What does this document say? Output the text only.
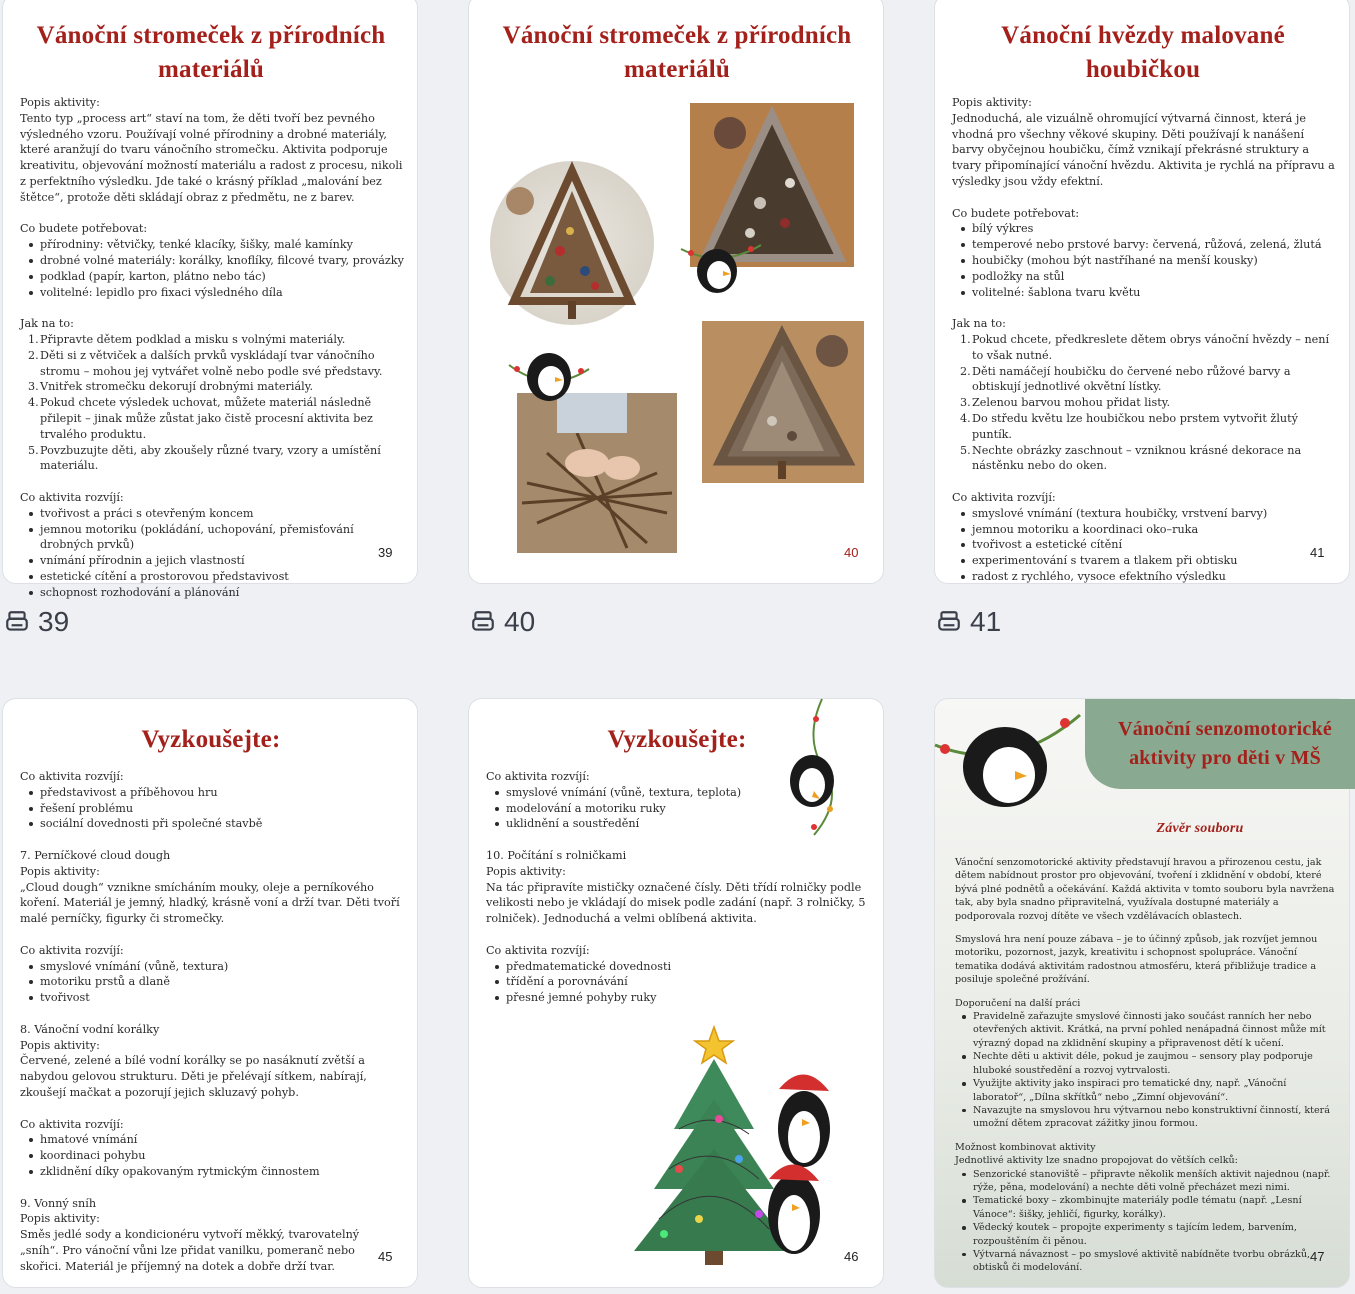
Vánoční stromeček z přírodních
materiálů

Popis aktivity:

Tento typ „process art“ staví na tom, že děti tvoří bez pevného výsledného vzoru. Používají volné přírodniny a drobné materiály, které aranžují do tvaru vánočního stromečku. Aktivita podporuje kreativitu, objevování možností materiálu a radost z procesu, nikoli z perfektního výsledku. Jde také o krásný příklad „malování bez štětce“, protože děti skládají obraz z předmětu, ne z barev.

Co budete potřebovat:

přírodniny: větvičky, tenké klacíky, šišky, malé kamínky
drobné volné materiály: korálky, knoflíky, filcové tvary, provázky
podklad (papír, karton, plátno nebo tác)
volitelné: lepidlo pro fixaci výsledného díla

Jak na to:

1. Připravte dětem podklad a misku s volnými materiály.
2. Děti si z větviček a dalších prvků vyskládají tvar vánočního stromu – mohou jej vytvářet volně nebo podle své představy.
3. Vnitřek stromečku dekorují drobnými materiály.
4. Pokud chcete výsledek uchovat, můžete materiál následně přilepit – jinak může zůstat jako čistě procesní aktivita bez trvalého produktu.
5. Povzbuzujte děti, aby zkoušely různé tvary, vzory a umístění materiálu.

Co aktivita rozvíjí:

tvořivost a práci s otevřeným koncem
jemnou motoriku (pokládání, uchopování, přemisťování drobných prvků)
vnímání přírodnin a jejich vlastností
estetické cítění a prostorovou představivost
schopnost rozhodování a plánování
39
Vánoční stromeček z přírodních
materiálů
40
Vánoční hvězdy malované
houbičkou

Popis aktivity:

Jednoduchá, ale vizuálně ohromující výtvarná činnost, která je vhodná pro všechny věkové skupiny. Děti používají k nanášení barvy obyčejnou houbičku, čímž vznikají překrásné struktury a tvary připomínající vánoční hvězdu. Aktivita je rychlá na přípravu a výsledky jsou vždy efektní.

Co budete potřebovat:

bílý výkres
temperové nebo prstové barvy: červená, růžová, zelená, žlutá
houbičky (mohou být nastříhané na menší kousky)
podložky na stůl
volitelné: šablona tvaru květu

Jak na to:

1. Pokud chcete, předkreslete dětem obrys vánoční hvězdy – není to však nutné.
2. Děti namáčejí houbičku do červené nebo růžové barvy a obtiskují jednotlivé okvětní lístky.
3. Zelenou barvou mohou přidat listy.
4. Do středu květu lze houbičkou nebo prstem vytvořit žlutý puntík.
5. Nechte obrázky zaschnout – vzniknou krásné dekorace na nástěnku nebo do oken.

Co aktivita rozvíjí:

smyslové vnímání (textura houbičky, vrstvení barvy)
jemnou motoriku a koordinaci oko–ruka
tvořivost a estetické cítění
experimentování s tvarem a tlakem při obtisku
radost z rychlého, vysoce efektního výsledku
41
39	40	41
Vyzkoušejte:

Co aktivita rozvíjí:

představivost a příběhovou hru
řešení problému
sociální dovednosti při společné stavbě

7. Perníčkové cloud dough

Popis aktivity:

„Cloud dough“ vznikne smícháním mouky, oleje a perníkového koření. Materiál je jemný, hladký, krásně voní a drží tvar. Děti tvoří malé perníčky, figurky či stromečky.

Co aktivita rozvíjí:

smyslové vnímání (vůně, textura)
motoriku prstů a dlaně
tvořivost

8. Vánoční vodní korálky

Popis aktivity:

Červené, zelené a bílé vodní korálky se po nasáknutí zvětší a nabydou gelovou strukturu. Děti je přelévají sítkem, nabírají, zkoušejí mačkat a pozorují jejich skluzavý pohyb.

Co aktivita rozvíjí:

hmatové vnímání
koordinaci pohybu
zklidnění díky opakovaným rytmickým činnostem

9. Vonný sníh

Popis aktivity:

Směs jedlé sody a kondicionéru vytvoří měkký, tvarovatelný „sníh“. Pro vánoční vůni lze přidat vanilku, pomeranč nebo skořici. Materiál je příjemný na dotek a dobře drží tvar.

45
Vyzkoušejte:

Co aktivita rozvíjí:

smyslové vnímání (vůně, textura, teplota)
modelování a motoriku ruky
uklidnění a soustředění

10. Počítání s rolničkami

Popis aktivity:

Na tác připravíte mističky označené čísly. Děti třídí rolničky podle velikosti nebo je vkládají do misek podle zadání (např. 3 rolničky, 5 rolniček). Jednoduchá a velmi oblíbená aktivita.

Co aktivita rozvíjí:

předmatematické dovednosti
třídění a porovnávání
přesné jemné pohyby ruky
46
Vánoční senzomotorické
aktivity pro děti v MŠ
Závěr souboru

Vánoční senzomotorické aktivity představují hravou a přirozenou cestu, jak dětem nabídnout prostor pro objevování, tvoření i zklidnění v období, které bývá plné podnětů a očekávání. Každá aktivita v tomto souboru byla navržena tak, aby byla snadno připravitelná, využívala dostupné materiály a podporovala rozvoj dítěte ve všech vzdělávacích oblastech.

Smyslová hra není pouze zábava – je to účinný způsob, jak rozvíjet jemnou motoriku, pozornost, jazyk, kreativitu i schopnost spolupráce. Vánoční tematika dodává aktivitám radostnou atmosféru, která přibližuje tradice a posiluje společné prožívání.

Doporučení na další práci

Pravidelně zařazujte smyslové činnosti jako součást ranních her nebo otevřených aktivit. Krátká, na první pohled nenápadná činnost může mít výrazný dopad na zklidnění skupiny a připravenost dětí k učení.
Nechte děti u aktivit déle, pokud je zaujmou – sensory play podporuje hluboké soustředění a rozvoj vytrvalosti.
Využijte aktivity jako inspiraci pro tematické dny, např. „Vánoční laboratoř“, „Dílna skřítků“ nebo „Zimní objevování“.
Navazujte na smyslovou hru výtvarnou nebo konstruktivní činností, která umožní dětem zpracovat zážitky jinou formou.

Možnost kombinovat aktivity

Jednotlivé aktivity lze snadno propojovat do větších celků:

Senzorické stanoviště – připravte několik menších aktivit najednou (např. rýže, pěna, modelování) a nechte děti volně přecházet mezi nimi.
Tematické boxy – zkombinujte materiály podle tématu (např. „Lesní Vánoce“: šišky, jehličí, figurky, korálky).
Vědecký koutek – propojte experimenty s tajícím ledem, barvením, rozpouštěním či pěnou.
Výtvarná návaznost – po smyslové aktivitě nabídněte tvorbu obrázků, obtisků či modelování.
47
